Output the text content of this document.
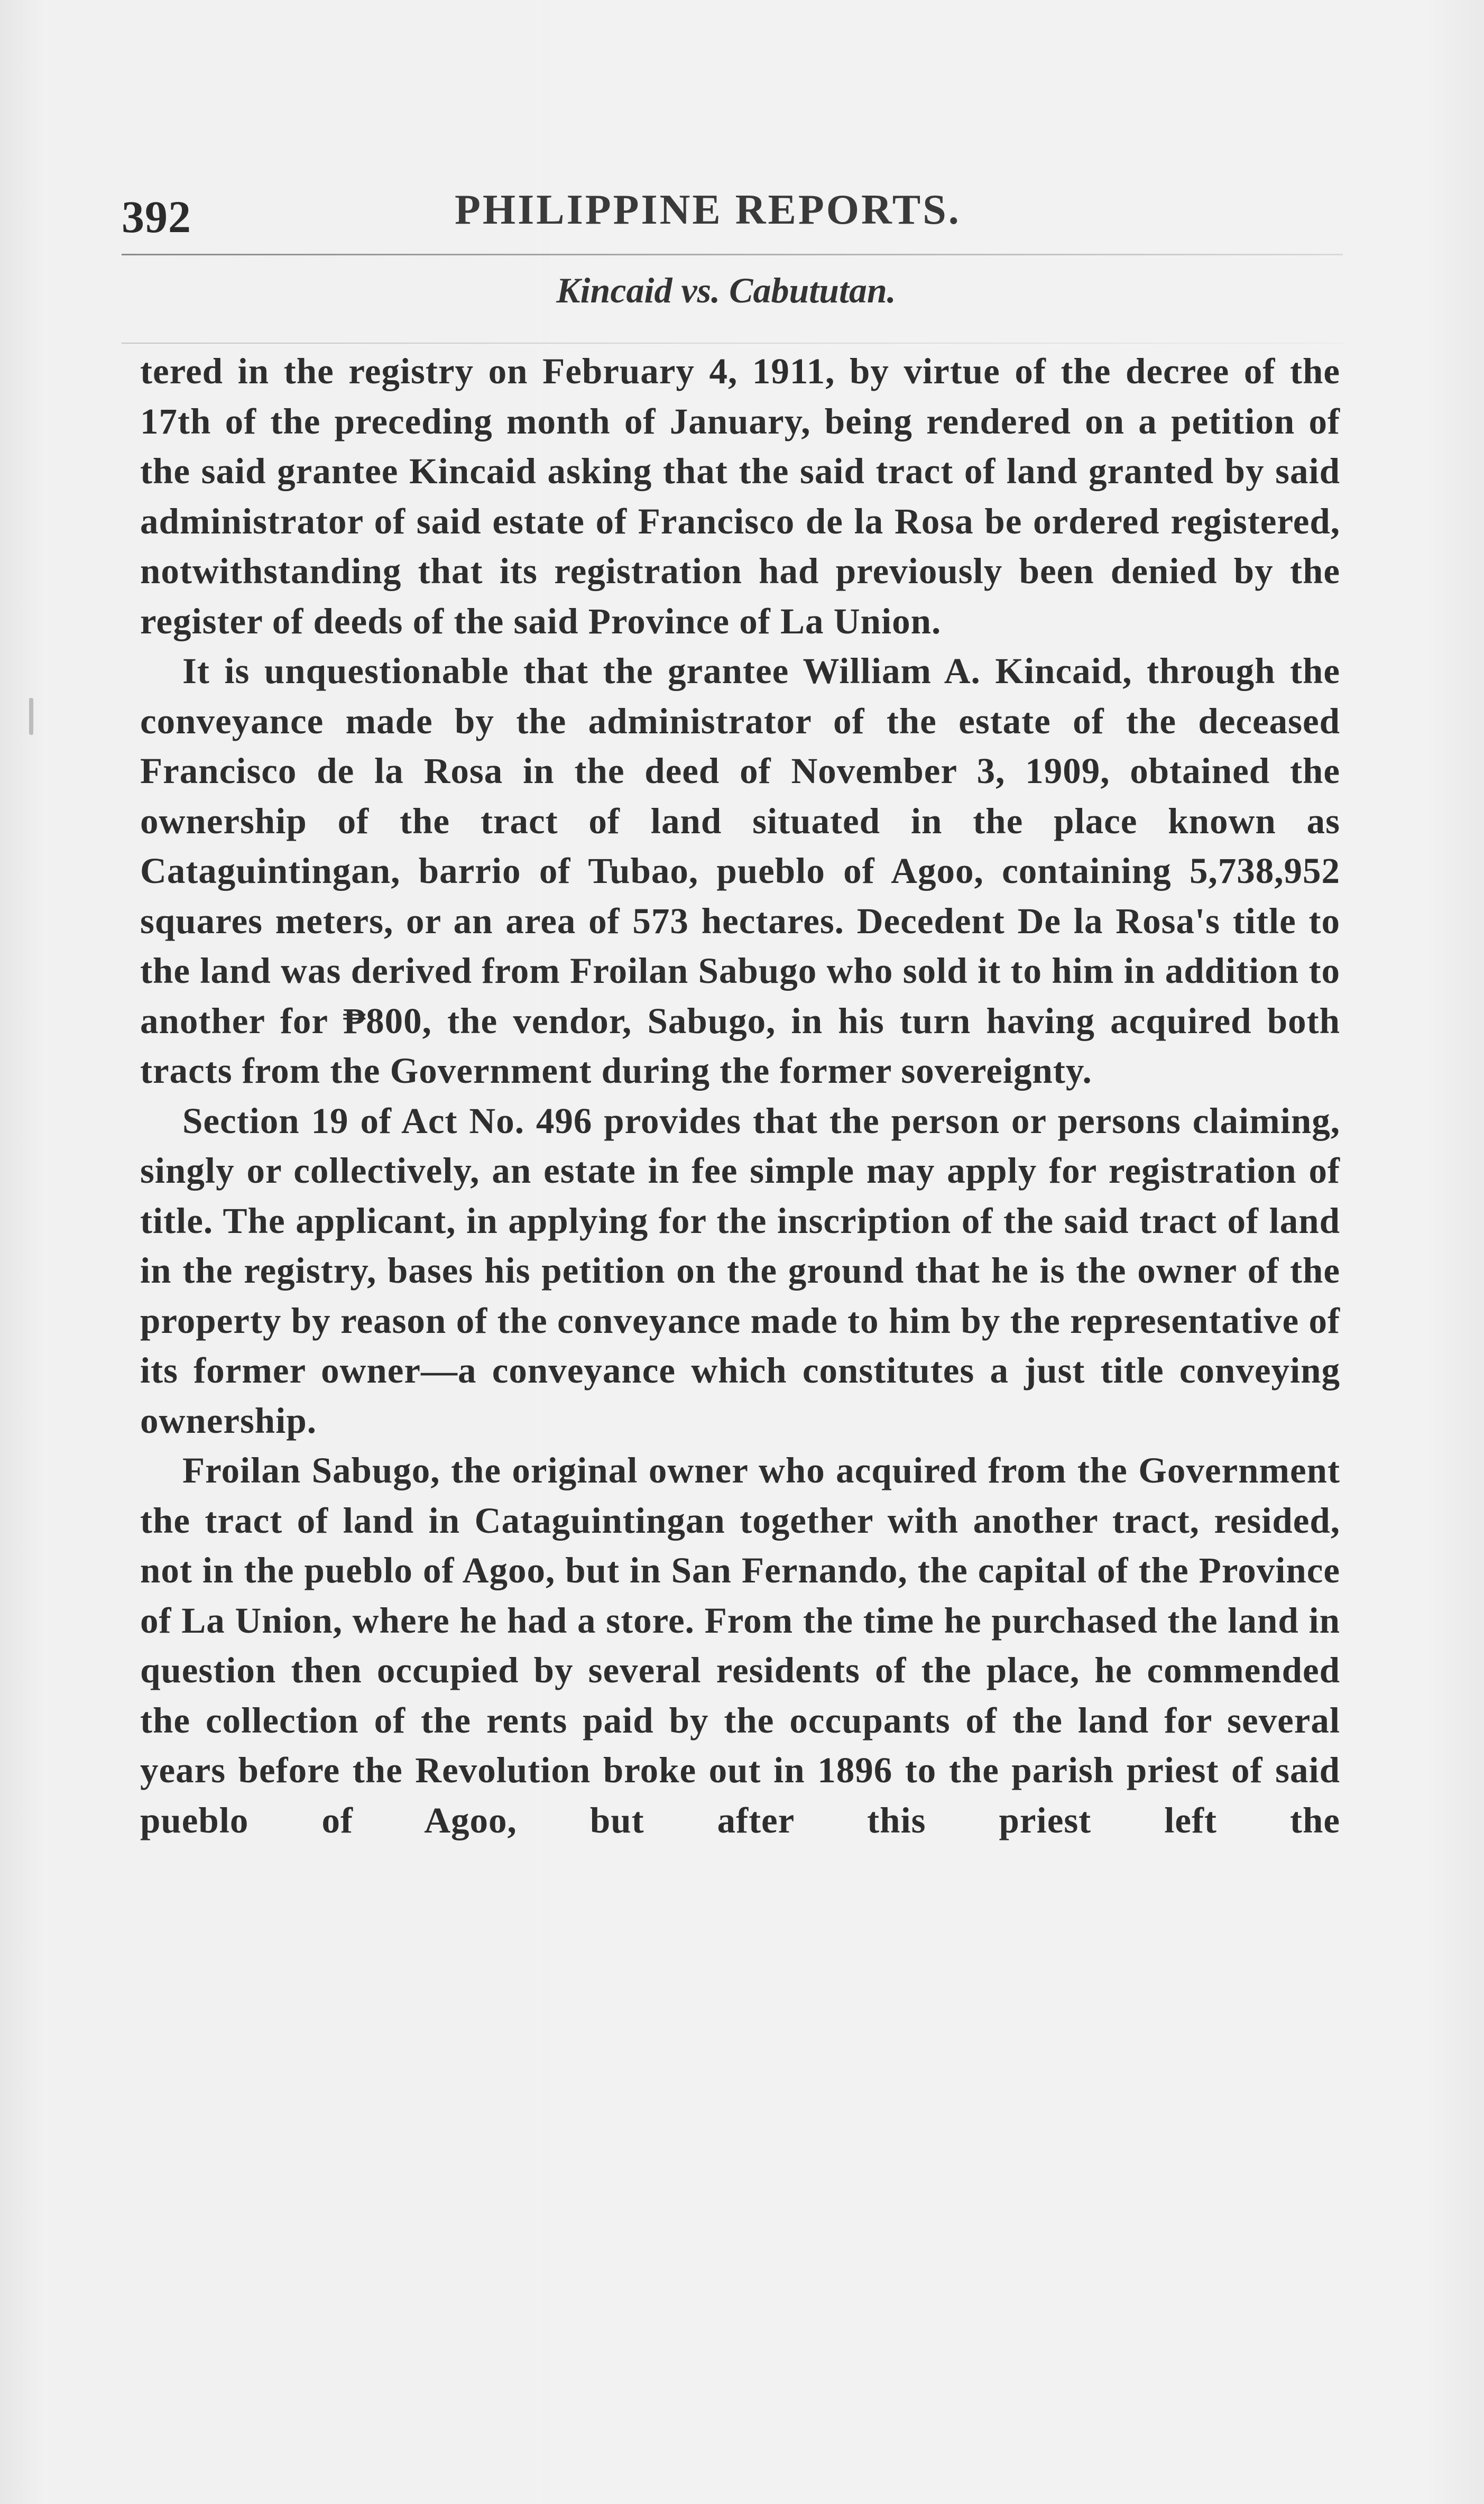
392	PHILIPPINE REPORTS.
Kincaid vs. Cabututan.

tered in the registry on February 4, 1911, by virtue of the decree of the 17th of the preceding month of January, being rendered on a petition of the said grantee Kincaid asking that the said tract of land granted by said administrator of said estate of Francisco de la Rosa be ordered registered, notwithstanding that its registration had previously been denied by the register of deeds of the said Province of La Union.

It is unquestionable that the grantee William A. Kincaid, through the conveyance made by the administrator of the estate of the deceased Francisco de la Rosa in the deed of November 3, 1909, obtained the ownership of the tract of land situated in the place known as Cataguintingan, barrio of Tubao, pueblo of Agoo, containing 5,738,952 squares meters, or an area of 573 hectares. Decedent De la Rosa's title to the land was derived from Froilan Sabugo who sold it to him in addition to another for ₱800, the vendor, Sabugo, in his turn having acquired both tracts from the Government during the former sovereignty.

Section 19 of Act No. 496 provides that the person or persons claiming, singly or collectively, an estate in fee simple may apply for registration of title. The applicant, in applying for the inscription of the said tract of land in the registry, bases his petition on the ground that he is the owner of the property by reason of the conveyance made to him by the representative of its former owner—a conveyance which constitutes a just title conveying ownership.

Froilan Sabugo, the original owner who acquired from the Government the tract of land in Cataguintingan together with another tract, resided, not in the pueblo of Agoo, but in San Fernando, the capital of the Province of La Union, where he had a store. From the time he purchased the land in question then occupied by several residents of the place, he commended the collection of the rents paid by the occupants of the land for several years before the Revolution broke out in 1896 to the parish priest of said pueblo of Agoo, but after this priest left the
